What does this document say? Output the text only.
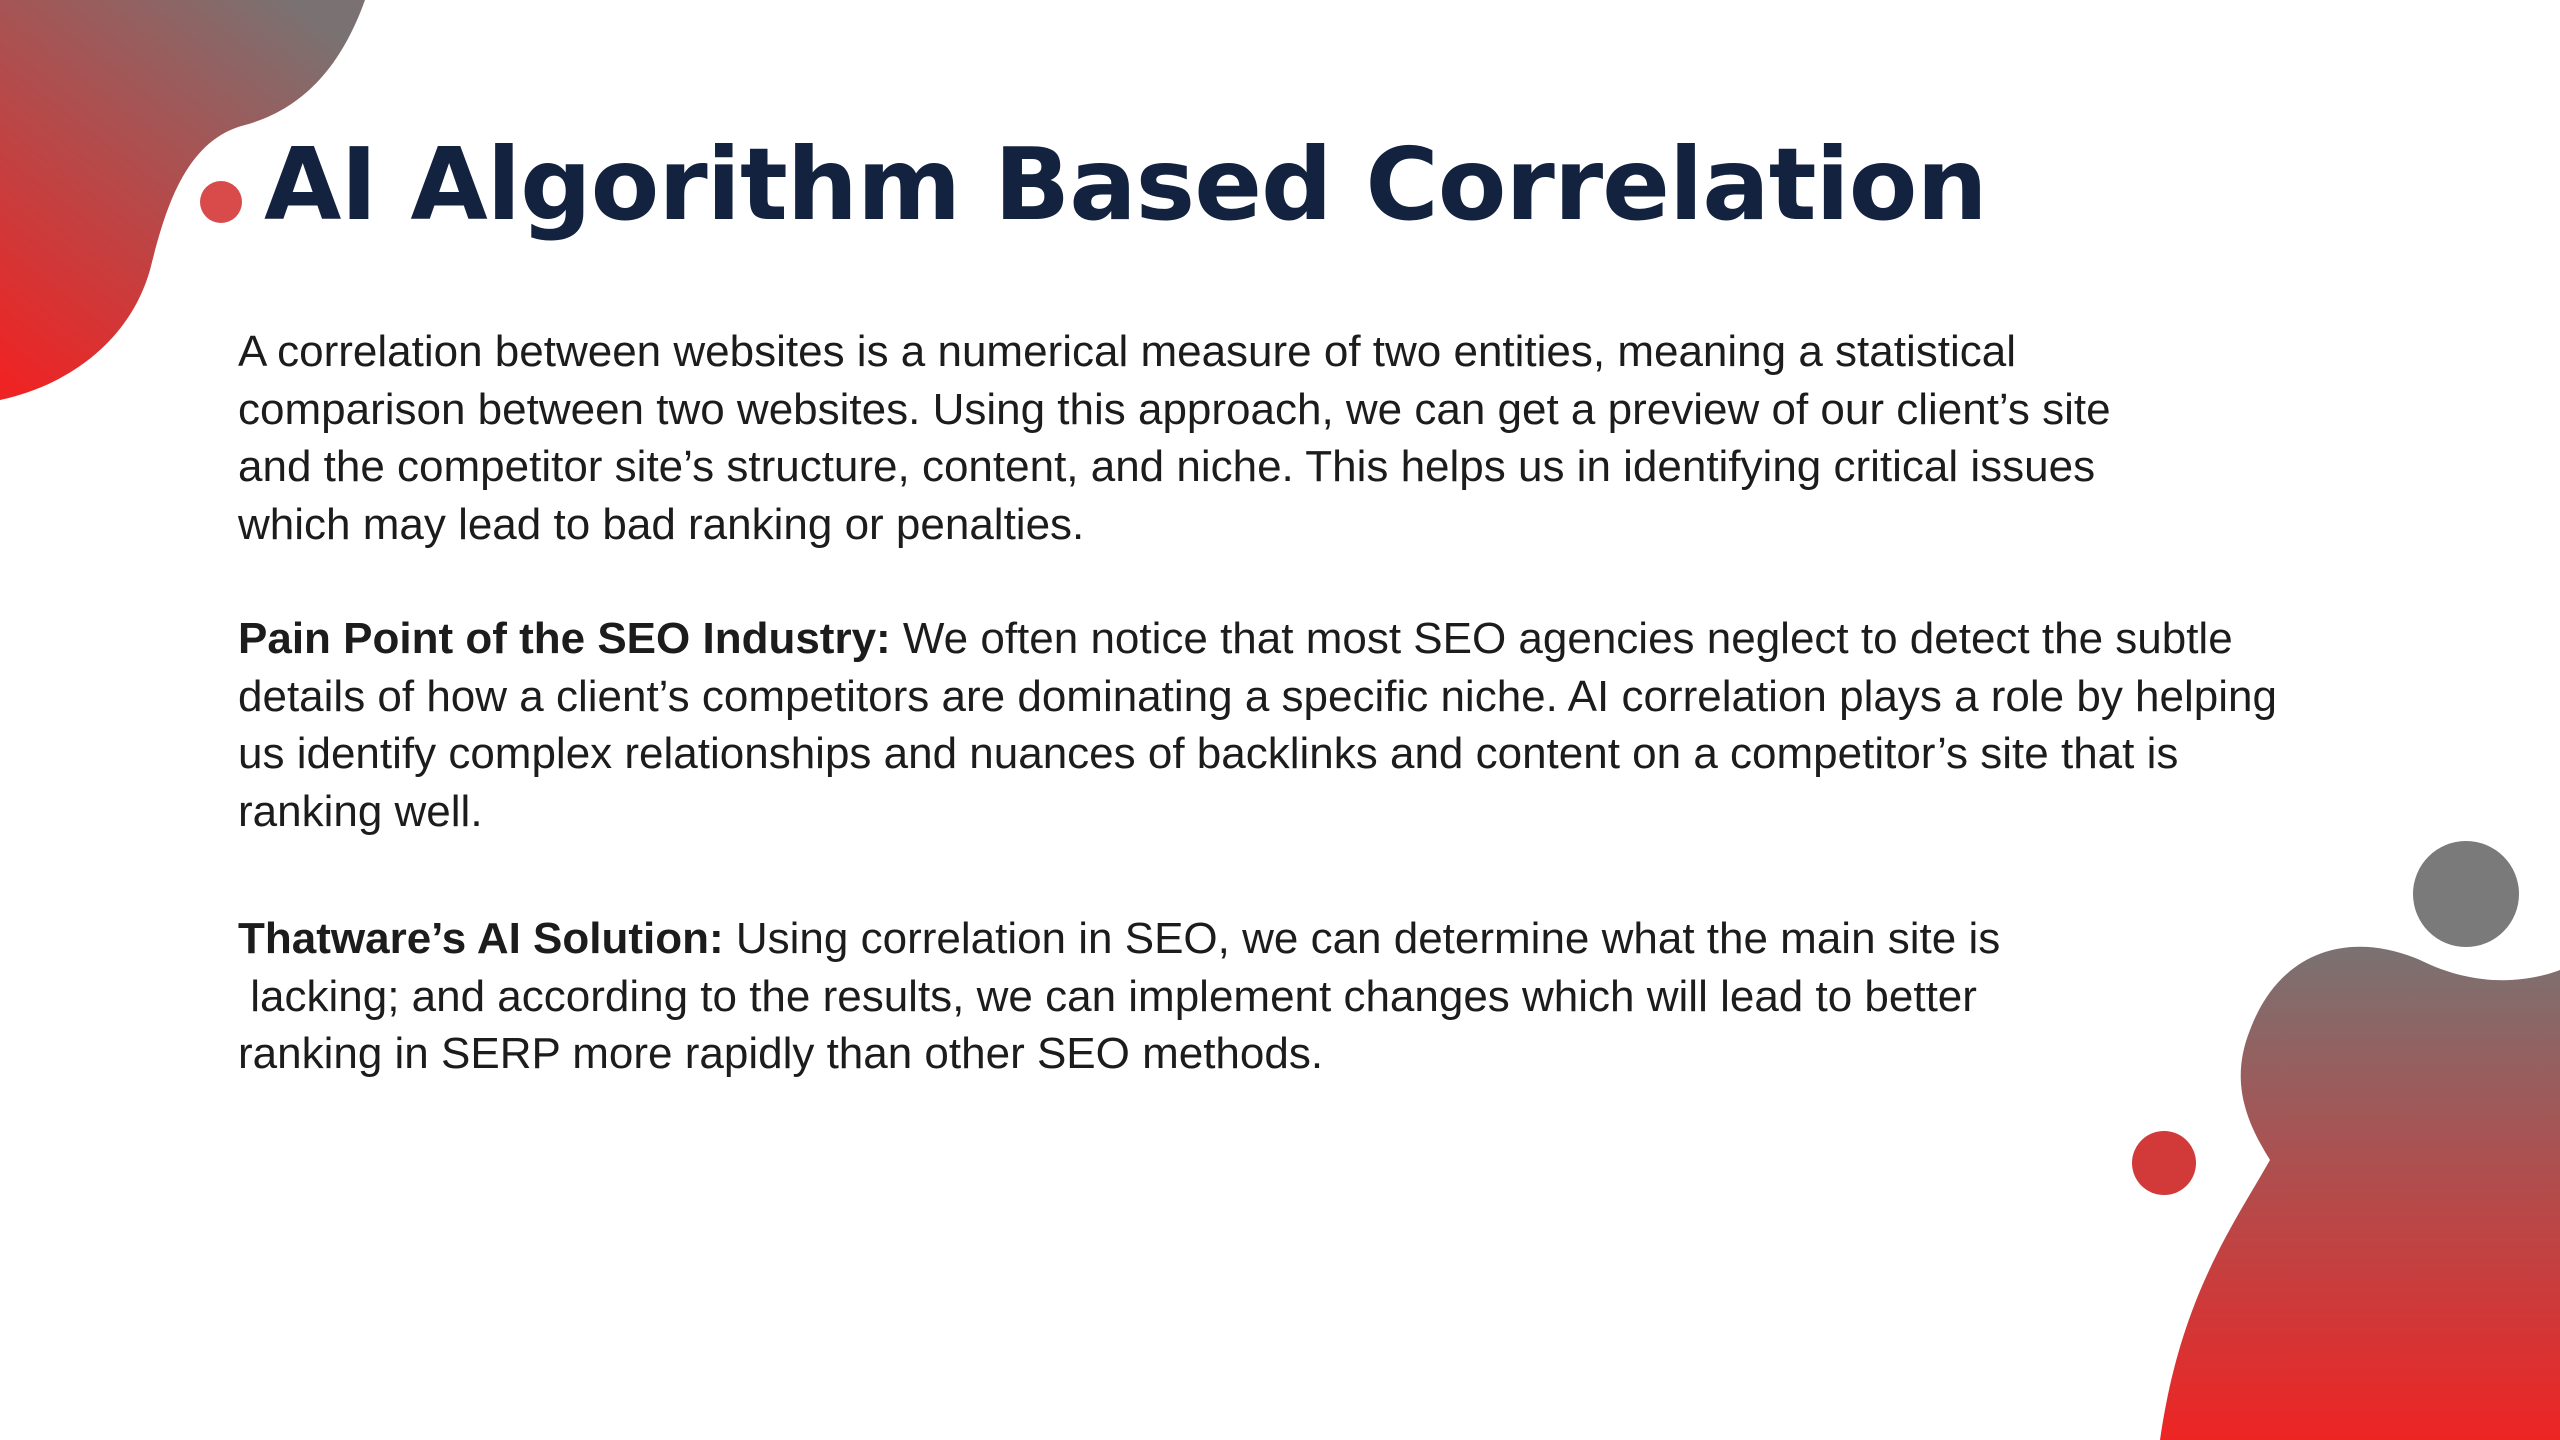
AI Algorithm Based Correlation

A correlation between websites is a numerical measure of two entities, meaning a statistical
comparison between two websites. Using this approach, we can get a preview of our client’s site
and the competitor site’s structure, content, and niche. This helps us in identifying critical issues
which may lead to bad ranking or penalties.

Pain Point of the SEO Industry: We often notice that most SEO agencies neglect to detect the subtle
details of how a client’s competitors are dominating a specific niche. AI correlation plays a role by helping
us identify complex relationships and nuances of backlinks and content on a competitor’s site that is
ranking well.

Thatware’s AI Solution: Using correlation in SEO, we can determine what the main site is
lacking; and according to the results, we can implement changes which will lead to better
ranking in SERP more rapidly than other SEO methods.
